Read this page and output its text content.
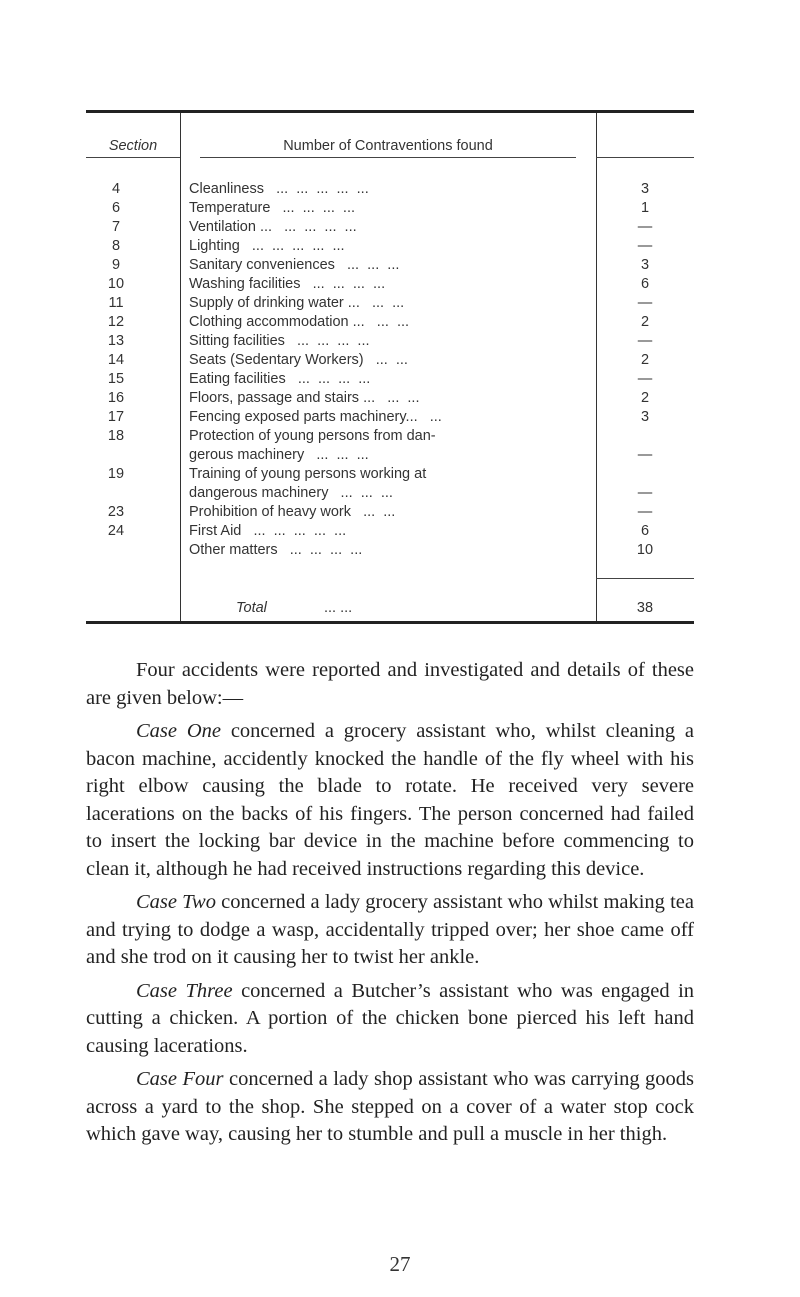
Section	Number of Contraventions found
4	Cleanliness ...  ...  ...  ...  ...	3
6	Temperature ...  ...  ...  ...	1
7	Ventilation ... ...  ...  ...  ...	—
8	Lighting ...  ...  ...  ...  ...	—
9	Sanitary conveniences ...  ...  ...	3
10	Washing facilities ...  ...  ...  ...	6
11	Supply of drinking water ... ...  ...	—
12	Clothing accommodation ... ...  ...	2
13	Sitting facilities ...  ...  ...  ...	—
14	Seats (Sedentary Workers) ...  ...	2
15	Eating facilities ...  ...  ...  ...	—
16	Floors, passage and stairs ... ...  ...	2
17	Fencing exposed parts machinery... ...	3
18	Protection of young persons from dan-
gerous machinery ...  ...  ...	—
19	Training of young persons working at
dangerous machinery ...  ...  ...	—
23	Prohibition of heavy work ...  ...	—
24	First Aid ...  ...  ...  ...  ...	6
Other matters ...  ...  ...  ...	10
Total	... ...	38

Four accidents were reported and investigated and details of these are given below:—

Case One concerned a grocery assistant who, whilst cleaning a bacon machine, accidently knocked the handle of the fly wheel with his right elbow causing the blade to rotate. He received very severe lacerations on the backs of his fingers. The person concerned had failed to insert the locking bar device in the machine before commencing to clean it, although he had received instructions regarding this device.

Case Two concerned a lady grocery assistant who whilst making tea and trying to dodge a wasp, accidentally tripped over; her shoe came off and she trod on it causing her to twist her ankle.

Case Three concerned a Butcher’s assistant who was engaged in cutting a chicken. A portion of the chicken bone pierced his left hand causing lacerations.

Case Four concerned a lady shop assistant who was carrying goods across a yard to the shop. She stepped on a cover of a water stop cock which gave way, causing her to stumble and pull a muscle in her thigh.

27
